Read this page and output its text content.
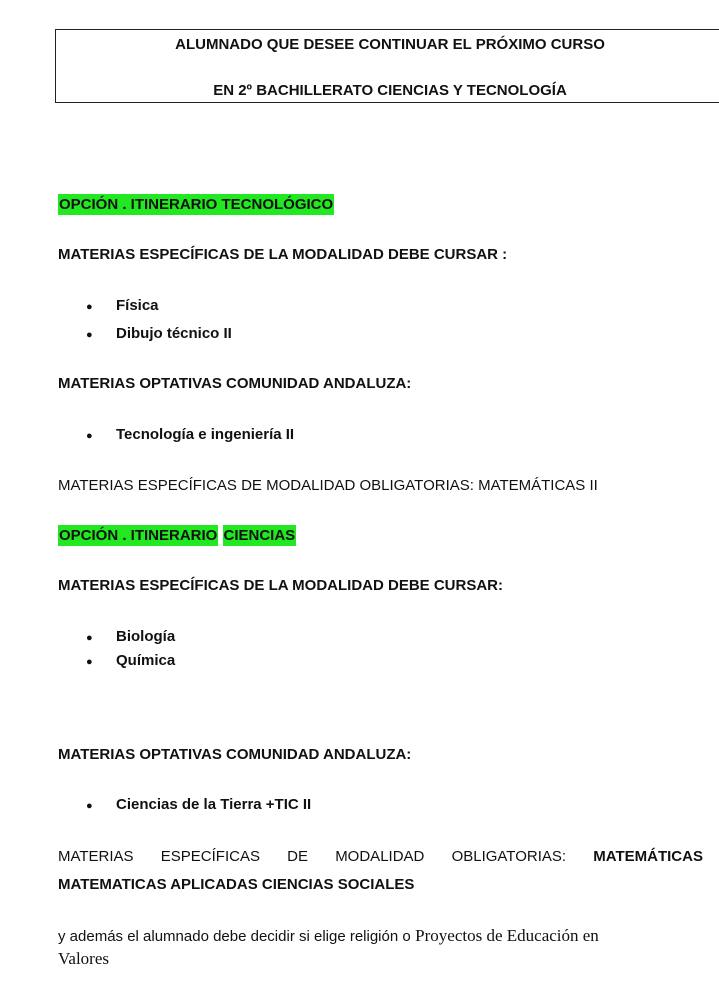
ALUMNADO QUE DESEE CONTINUAR EL PRÓXIMO CURSO
EN 2º BACHILLERATO CIENCIAS Y TECNOLOGÍA
OPCIÓN . ITINERARIO TECNOLÓGICO
MATERIAS ESPECÍFICAS DE LA MODALIDAD DEBE CURSAR :
● Física
● Dibujo técnico II
MATERIAS OPTATIVAS COMUNIDAD ANDALUZA:
● Tecnología e ingeniería II
MATERIAS ESPECÍFICAS DE MODALIDAD OBLIGATORIAS: MATEMÁTICAS II
OPCIÓN . ITINERARIO CIENCIAS
MATERIAS ESPECÍFICAS DE LA MODALIDAD DEBE CURSAR:
● Biología
● Química
MATERIAS OPTATIVAS COMUNIDAD ANDALUZA:
● Ciencias de la Tierra +TIC II
MATERIAS ESPECÍFICAS DE MODALIDAD OBLIGATORIAS: MATEMÁTICAS
MATEMATICAS APLICADAS CIENCIAS SOCIALES
y además el alumnado debe decidir si elige religión o Proyectos de Educación en
Valores
